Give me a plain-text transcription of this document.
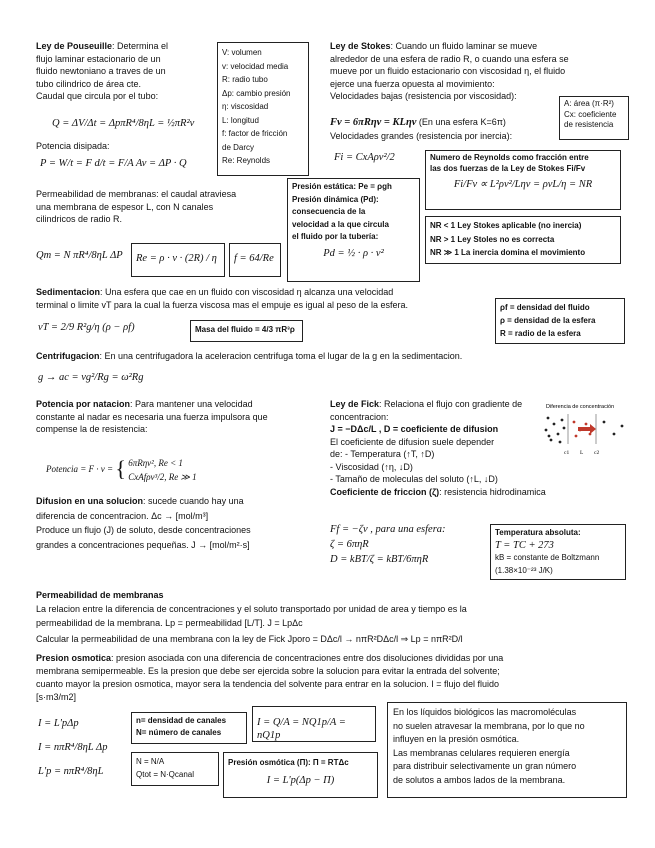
Ley de Pouseuille: Determina el
flujo laminar estacionario de un
fluido newtoniano a traves de un
tubo cilindrico de área cte.
Caudal que circula por el tubo:
Q = ΔV/Δt = ΔpπR⁴/8ηL = ½πR²v
Potencia disipada:
P = W/t = F d/t = F/A Av = ΔP · Q
Permeabilidad de membranas: el caudal atraviesa
una membrana de espesor L, con N canales
cilindricos de radio R.
Qm = N πR⁴/8ηL ΔP	Re = ρ · v · (2R) / η	f = 64/Re
V: volumen
v: velocidad media
R: radio tubo
Δp: cambio presión
η: viscosidad
L: longitud
f: factor de fricción
de Darcy
Re: Reynolds
Ley de Stokes: Cuando un fluido laminar se mueve
alrededor de una esfera de radio R, o cuando una esfera se
mueve por un fluido estacionario con viscosidad η, el fluido
ejerce una fuerza opuesta al movimiento:
Velocidades bajas (resistencia por viscosidad):
Fv = 6πRηv = KLηv (En una esfera K=6π)
Velocidades grandes (resistencia por inercia):
Fi = CxAρv²/2
A: área (π·R²)
Cx: coeficiente
de resistencia
Presión estática: Pe = ρgh
Presión dinámica (Pd):
consecuencia de la
velocidad a la que circula
el fluido por la tubería:
Pd = ½ · ρ · v²
Numero de Reynolds como fracción entre
las dos fuerzas de la Ley de Stokes Fi/Fv
Fi/Fv ∝ L²ρv²/Lηv = ρvL/η = NR
NR < 1 Ley Stokes aplicable (no inercia)
NR > 1 Ley Stoles no es correcta
NR ≫ 1 La inercia domina el movimiento
Sedimentacion: Una esfera que cae en un fluido con viscosidad η alcanza una velocidad
terminal o limite vT para la cual la fuerza viscosa mas el empuje es igual al peso de la esfera.
vT = 2/9 R²g/η (ρ − ρf)	Masa del fluido = 4/3 πR³ρ
ρf = densidad del fluido
ρ = densidad de la esfera
R = radio de la esfera
Centrifugacion: En una centrifugadora la aceleracion centrifuga toma el lugar de la g en la sedimentacion.
g → ac = vg²/Rg = ω²Rg
Potencia por natacion: Para mantener una velocidad
constante al nadar es necesaria una fuerza impulsora que
compense la de resistencia:
Potencia = F · v = { 6πRηv², Re < 1
CxAfρv³/2, Re ≫ 1
Difusion en una solucion: sucede cuando hay una
diferencia de concentracion. Δc → [mol/m³]
Produce un flujo (J) de soluto, desde concentraciones
grandes a concentraciones pequeñas. J → [mol/m²·s]
Ley de Fick: Relaciona el flujo con gradiente de
concentracion:
J = −DΔc/L , D = coeficiente de difusion
El coeficiente de difusion suele depender
de: - Temperatura (↑T, ↑D)
- Viscosidad (↑η, ↓D)
- Tamaño de moleculas del soluto (↑L, ↓D)
Coeficiente de friccion (ζ): resistencia hidrodinamica
Ff = −ζv , para una esfera:
ζ = 6πηR
D = kBT/ζ = kBT/6πηR
Diferencia de concentración
c1 L c2
Temperatura absoluta:
T = TC + 273
kB = constante de Boltzmann
(1.38×10⁻²³ J/K)
Permeabilidad de membranas
La relacion entre la diferencia de concentraciones y el soluto transportado por unidad de area y tiempo es la
permeabilidad de la membrana. Lp = permeabilidad [L/T]. J = LpΔc
Calcular la permeabilidad de una membrana con la ley de Fick Jporo = DΔc/l → nπR²DΔc/l ⇒ Lp = nπR²D/l
Presion osmotica: presion asociada con una diferencia de concentraciones entre dos disoluciones divididas por una
membrana semipermeable. Es la presion que debe ser ejercida sobre la solucion para evitar la entrada del solvente;
cuanto mayor la presion osmotica, mayor sera la tendencia del solvente para entrar en la solucion. I = flujo del fluido
[s·m3/m2]
I = L'pΔp
I = nπR⁴/8ηL Δp
L'p = nπR⁴/8ηL
n= densidad de canales
N= número de canales
I = Q/A = NQ1p/A = nQ1p
N = N/A
Qtot = N·Qcanal
Presión osmótica (Π): Π = RTΔc
I = L'p(Δp − Π)
En los líquidos biológicos las macromoléculas
no suelen atravesar la membrana, por lo que no
influyen en la presión osmótica.
Las membranas celulares requieren energía
para distribuir selectivamente un gran número
de solutos a ambos lados de la membrana.
